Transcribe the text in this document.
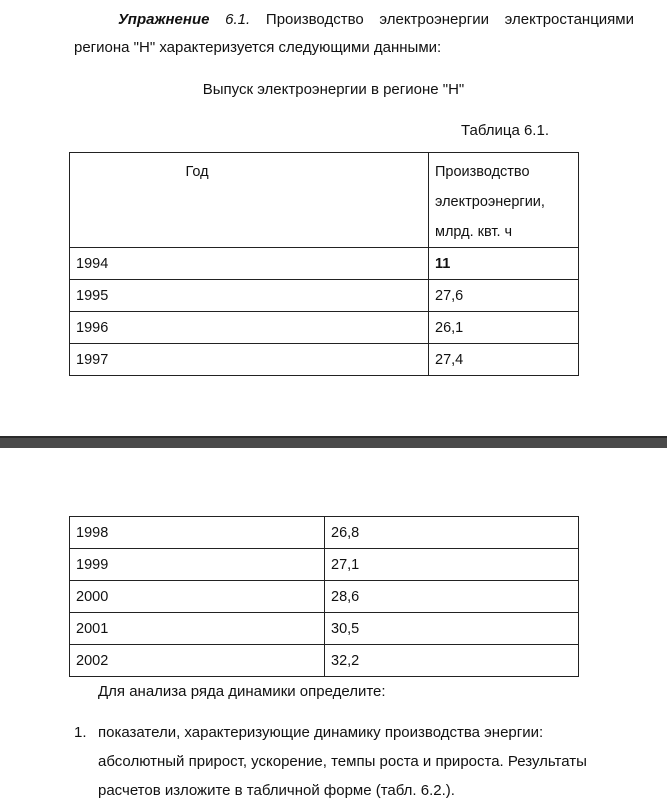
Упражнение 6.1. Производство электроэнергии электростанциями региона "Н" характеризуется следующими данными:
Выпуск электроэнергии в регионе "Н"
Таблица 6.1.
Год	Производство электроэнергии, млрд. квт. ч
1994	11
1995	27,6
1996	26,1
1997	27,4
1998	26,8
1999	27,1
2000	28,6
2001	30,5
2002	32,2
Для анализа ряда динамики определите:
1. показатели, характеризующие динамику производства энергии: абсолютный прирост, ускорение, темпы роста и прироста. Результаты расчетов изложите в табличной форме (табл. 6.2.).
